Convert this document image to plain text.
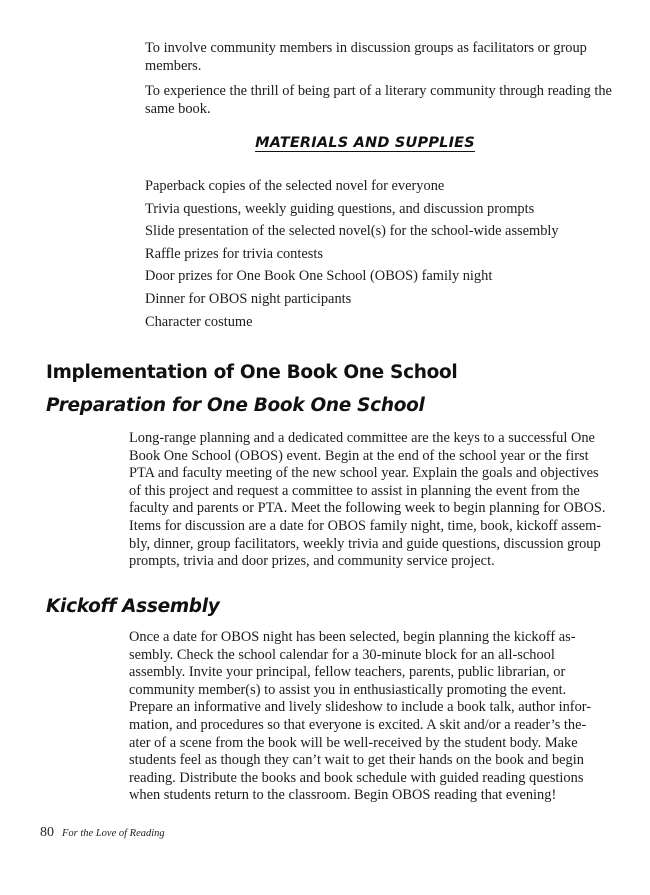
To involve community members in discussion groups as facilitators or group members.

To experience the thrill of being part of a literary community through reading the same book.

MATERIALS AND SUPPLIES
Paperback copies of the selected novel for everyone
Trivia questions, weekly guiding questions, and discussion prompts
Slide presentation of the selected novel(s) for the school-wide assembly
Raffle prizes for trivia contests
Door prizes for One Book One School (OBOS) family night
Dinner for OBOS night participants
Character costume
Implementation of One Book One School
Preparation for One Book One School

Long-range planning and a dedicated committee are the keys to a successful One
Book One School (OBOS) event. Begin at the end of the school year or the first
PTA and faculty meeting of the new school year. Explain the goals and objectives
of this project and request a committee to assist in planning the event from the
faculty and parents or PTA. Meet the following week to begin planning for OBOS.
Items for discussion are a date for OBOS family night, time, book, kickoff assem-
bly, dinner, group facilitators, weekly trivia and guide questions, discussion group
prompts, trivia and door prizes, and community service project.

Kickoff Assembly

Once a date for OBOS night has been selected, begin planning the kickoff as-
sembly. Check the school calendar for a 30-minute block for an all-school
assembly. Invite your principal, fellow teachers, parents, public librarian, or
community member(s) to assist you in enthusiastically promoting the event.
Prepare an informative and lively slideshow to include a book talk, author infor-
mation, and procedures so that everyone is excited. A skit and/or a reader’s the-
ater of a scene from the book will be well-received by the student body. Make
students feel as though they can’t wait to get their hands on the book and begin
reading. Distribute the books and book schedule with guided reading questions
when students return to the classroom. Begin OBOS reading that evening!

80 For the Love of Reading
